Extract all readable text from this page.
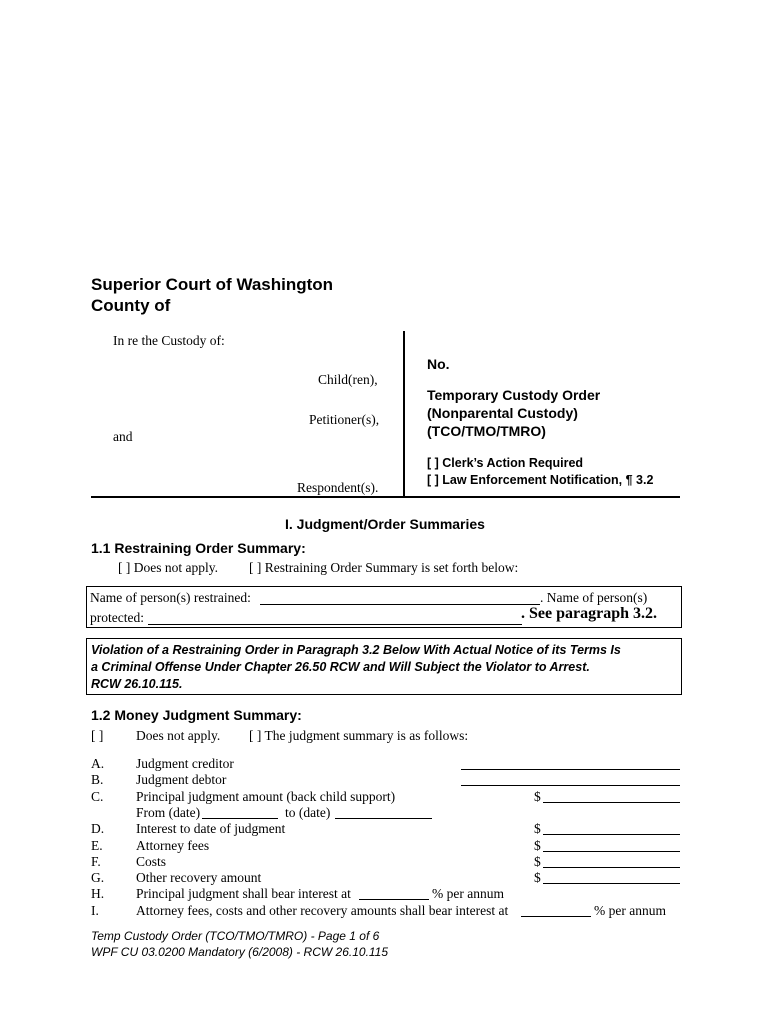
Superior Court of Washington
County of
In re the Custody of:
Child(ren),
Petitioner(s),
and
Respondent(s).
No.
Temporary Custody Order
(Nonparental Custody)
(TCO/TMO/TMRO)
[ ] Clerk’s Action Required
[ ] Law Enforcement Notification, ¶ 3.2
I. Judgment/Order Summaries
1.1 Restraining Order Summary:
[ ] Does not apply. [ ] Restraining Order Summary is set forth below:
Name of person(s) restrained:	. Name of person(s)
protected:	. See paragraph 3.2.
Violation of a Restraining Order in Paragraph 3.2 Below With Actual Notice of its Terms Is
a Criminal Offense Under Chapter 26.50 RCW and Will Subject the Violator to Arrest.
RCW 26.10.115.
1.2 Money Judgment Summary:
[ ] Does not apply. [ ] The judgment summary is as follows:
A. Judgment creditor
B. Judgment debtor
C. Principal judgment amount (back child support)	$
From (date)	to (date)
D. Interest to date of judgment	$
E. Attorney fees	$
F.	Costs	$
G. Other recovery amount	$
H. Principal judgment shall bear interest at	% per annum
I.	Attorney fees, costs and other recovery amounts shall bear interest at	% per annum
Temp Custody Order (TCO/TMO/TMRO) - Page 1 of 6
WPF CU 03.0200 Mandatory (6/2008) - RCW 26.10.115
